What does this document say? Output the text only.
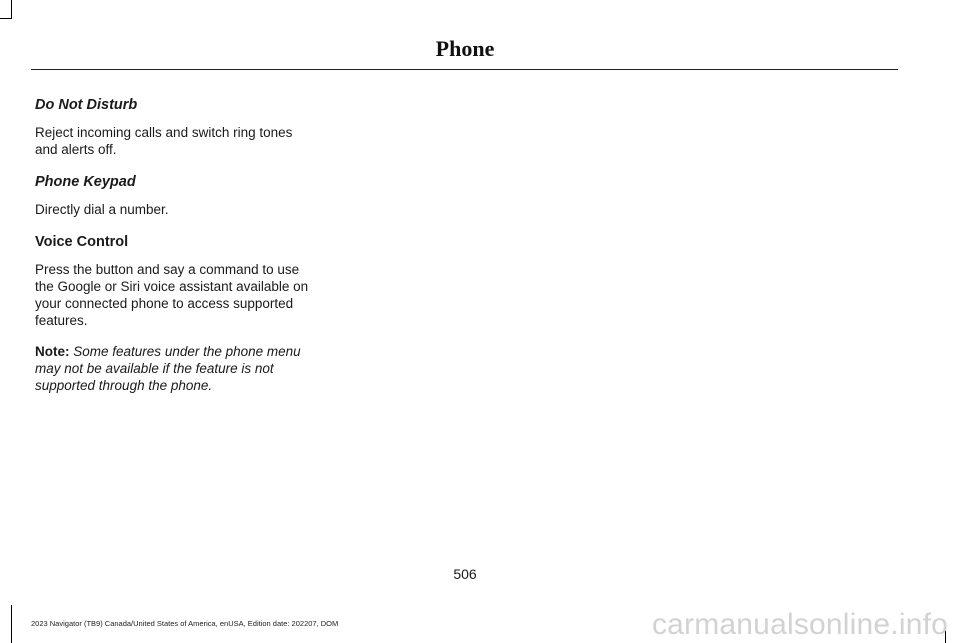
Phone
Do Not Disturb
Reject incoming calls and switch ring tones and alerts off.
Phone Keypad
Directly dial a number.
Voice Control
Press the button and say a command to use the Google or Siri voice assistant available on your connected phone to access supported features.
Note: Some features under the phone menu may not be available if the feature is not supported through the phone.
506
2023 Navigator (TB9) Canada/United States of America, enUSA, Edition date: 202207, DOM	carmanualsonline.info
